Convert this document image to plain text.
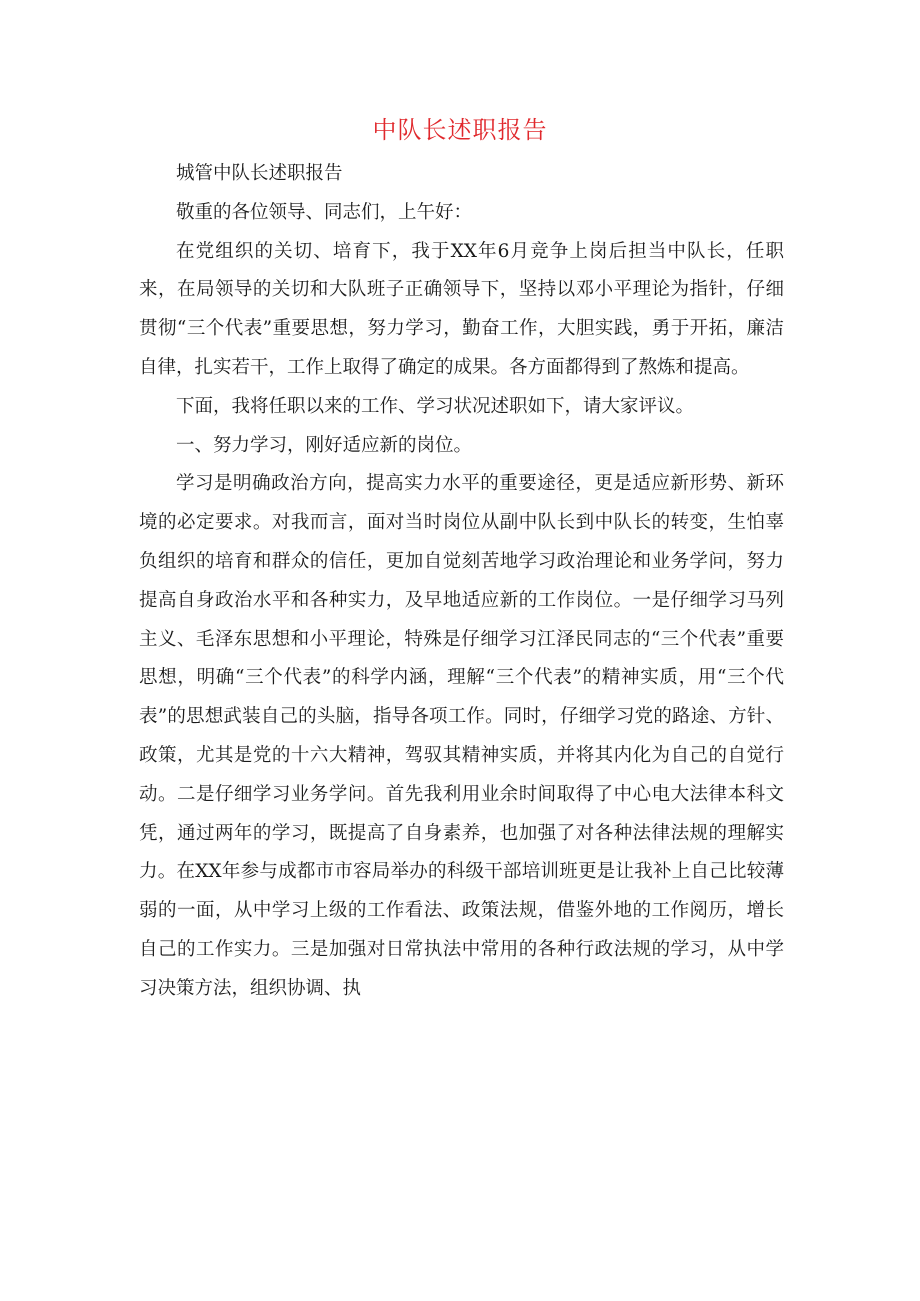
中队长述职报告

城管中队长述职报告

敬重的各位领导、同志们，上午好：

在党组织的关切、培育下，我于XX年6月竞争上岗后担当中队长，任职来，在局领导的关切和大队班子正确领导下，坚持以邓小平理论为指针，仔细贯彻“三个代表”重要思想，努力学习，勤奋工作，大胆实践，勇于开拓，廉洁自律，扎实若干，工作上取得了确定的成果。各方面都得到了熬炼和提高。

下面，我将任职以来的工作、学习状况述职如下，请大家评议。

一、努力学习，刚好适应新的岗位。

学习是明确政治方向，提高实力水平的重要途径，更是适应新形势、新环境的必定要求。对我而言，面对当时岗位从副中队长到中队长的转变，生怕辜负组织的培育和群众的信任，更加自觉刻苦地学习政治理论和业务学问，努力提高自身政治水平和各种实力，及早地适应新的工作岗位。一是仔细学习马列主义、毛泽东思想和小平理论，特殊是仔细学习江泽民同志的“三个代表”重要思想，明确“三个代表”的科学内涵，理解“三个代表”的精神实质，用“三个代表”的思想武装自己的头脑，指导各项工作。同时，仔细学习党的路途、方针、政策，尤其是党的十六大精神，驾驭其精神实质，并将其内化为自己的自觉行动。二是仔细学习业务学问。首先我利用业余时间取得了中心电大法律本科文凭，通过两年的学习，既提高了自身素养，也加强了对各种法律法规的理解实力。在XX年参与成都市市容局举办的科级干部培训班更是让我补上自己比较薄弱的一面，从中学习上级的工作看法、政策法规，借鉴外地的工作阅历，增长自己的工作实力。三是加强对日常执法中常用的各种行政法规的学习，从中学习决策方法，组织协调、执
